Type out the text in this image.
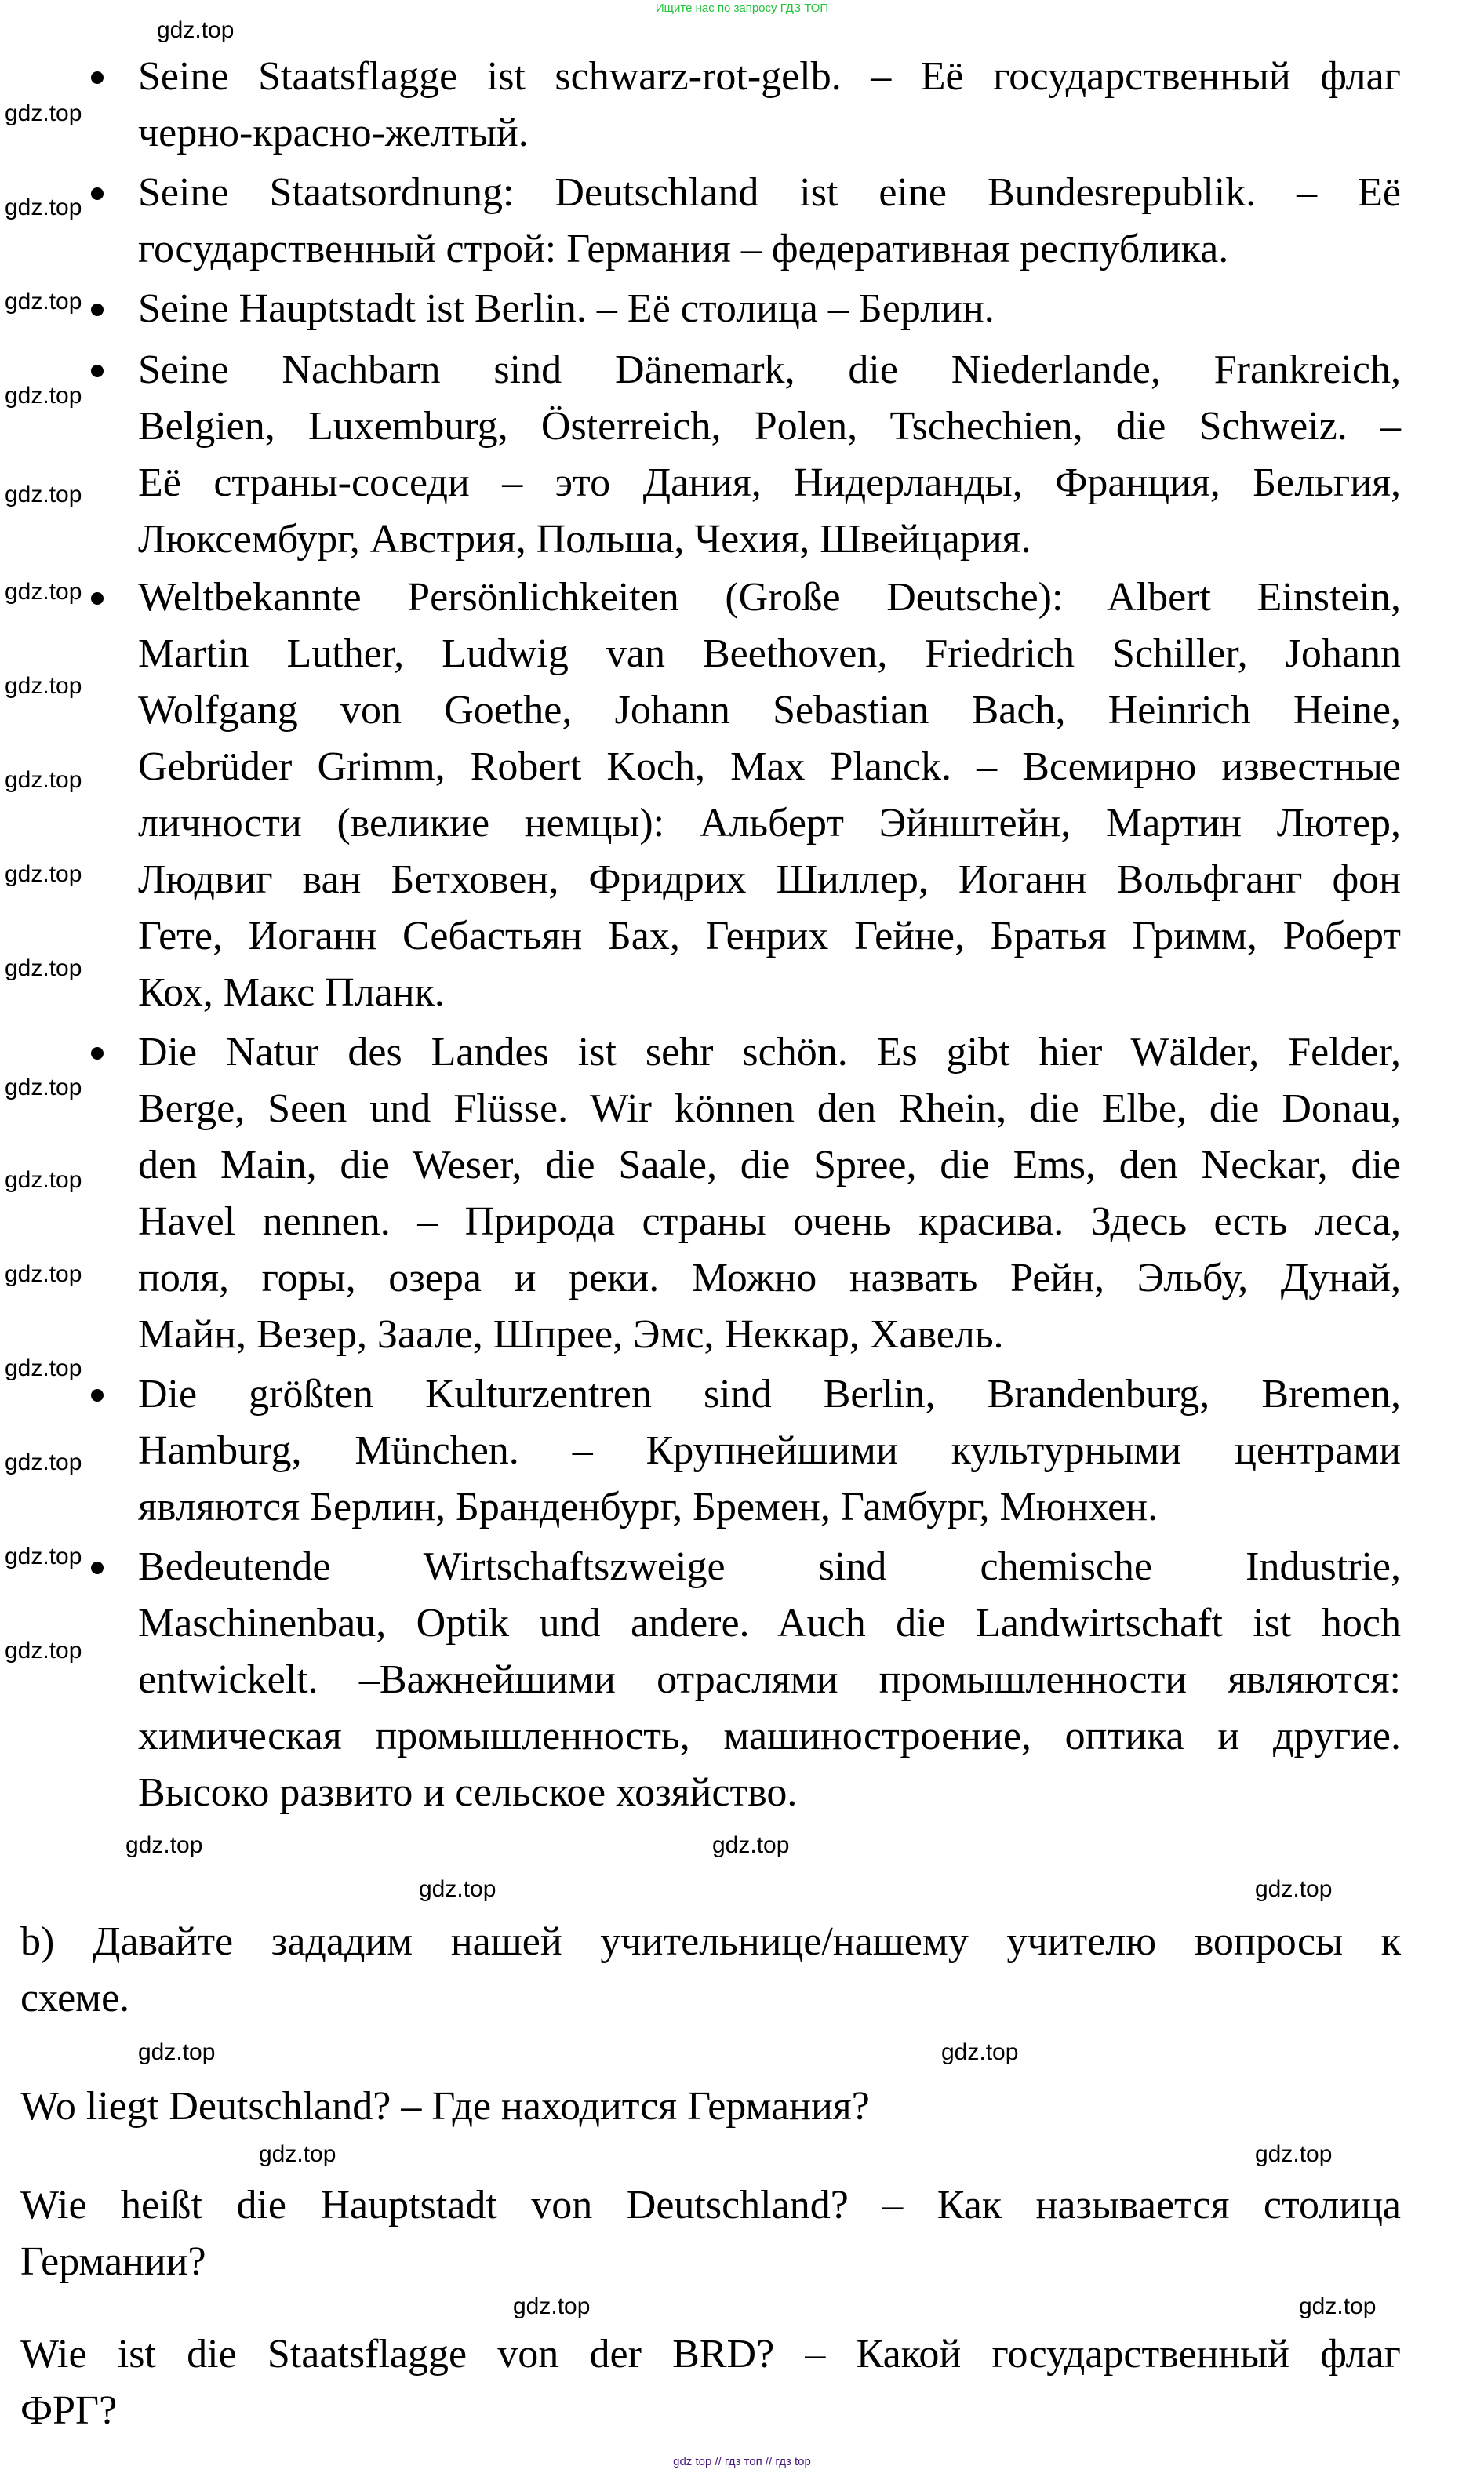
Ищите нас по запросу ГДЗ ТОП
Seine Staatsflagge ist schwarz-rot-gelb. – Её государственный флаг
черно-красно-желтый.
Seine Staatsordnung: Deutschland ist eine Bundesrepublik. – Её
государственный строй: Германия – федеративная республика.
Seine Hauptstadt ist Berlin. – Её столица – Берлин.
Seine Nachbarn sind Dänemark, die Niederlande, Frankreich,
Belgien, Luxemburg, Österreich, Polen, Tschechien, die Schweiz. –
Её страны-соседи – это Дания, Нидерланды, Франция, Бельгия,
Люксембург, Австрия, Польша, Чехия, Швейцария.
Weltbekannte Persönlichkeiten (Große Deutsche): Albert Einstein,
Martin Luther, Ludwig van Beethoven, Friedrich Schiller, Johann
Wolfgang von Goethe, Johann Sebastian Bach, Heinrich Heine,
Gebrüder Grimm, Robert Koch, Max Planck. – Всемирно известные
личности (великие немцы): Альберт Эйнштейн, Мартин Лютер,
Людвиг ван Бетховен, Фридрих Шиллер, Иоганн Вольфганг фон
Гете, Иоганн Себастьян Бах, Генрих Гейне, Братья Гримм, Роберт
Кох, Макс Планк.
Die Natur des Landes ist sehr schön. Es gibt hier Wälder, Felder,
Berge, Seen und Flüsse. Wir können den Rhein, die Elbe, die Donau,
den Main, die Weser, die Saale, die Spree, die Ems, den Neckar, die
Havel nennen. – Природа страны очень красива. Здесь есть леса,
поля, горы, озера и реки. Можно назвать Рейн, Эльбу, Дунай,
Майн, Везер, Заале, Шпрее, Эмс, Неккар, Хавель.
Die größten Kulturzentren sind Berlin, Brandenburg, Bremen,
Hamburg, München. – Крупнейшими культурными центрами
являются Берлин, Бранденбург, Бремен, Гамбург, Мюнхен.
Bedeutende Wirtschaftszweige sind chemische Industrie,
Maschinenbau, Optik und andere. Auch die Landwirtschaft ist hoch
entwickelt. –Важнейшими отраслями промышленности являются:
химическая промышленность, машиностроение, оптика и другие.
Высоко развито и сельское хозяйство.
b) Давайте зададим нашей учительнице/нашему учителю вопросы к
схеме.
Wo liegt Deutschland? – Где находится Германия?
Wie heißt die Hauptstadt von Deutschland? – Как называется столица
Германии?
Wie ist die Staatsflagge von der BRD? – Какой государственный флаг
ФРГ?
gdz.top
gdz.top
gdz.top
gdz.top
gdz.top
gdz.top
gdz.top
gdz.top
gdz.top
gdz.top
gdz.top
gdz.top
gdz.top
gdz.top
gdz.top
gdz.top
gdz.top
gdz.top
gdz.top	gdz.top
gdz.top	gdz.top
gdz.top	gdz.top
gdz.top	gdz.top
gdz.top	gdz.top
gdz top // гдз топ // гдз top
